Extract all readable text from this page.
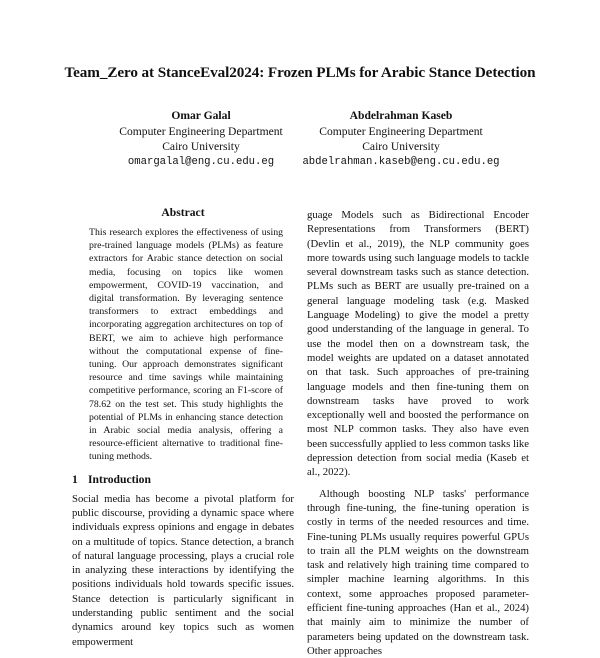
Team_Zero at StanceEval2024: Frozen PLMs for Arabic Stance Detection
Omar Galal
Computer Engineering Department
Cairo University
omargalal@eng.cu.edu.eg
Abdelrahman Kaseb
Computer Engineering Department
Cairo University
abdelrahman.kaseb@eng.cu.edu.eg
Abstract

This research explores the effectiveness of using pre-trained language models (PLMs) as feature extractors for Arabic stance detection on social media, focusing on topics like women empowerment, COVID-19 vaccination, and digital transformation. By leveraging sentence transformers to extract embeddings and incorporating aggregation architectures on top of BERT, we aim to achieve high performance without the computational expense of fine-tuning. Our approach demonstrates significant resource and time savings while maintaining competitive performance, scoring an F1-score of 78.62 on the test set. This study highlights the potential of PLMs in enhancing stance detection in Arabic social media analysis, offering a resource-efficient alternative to traditional fine-tuning methods.

1 Introduction

Social media has become a pivotal platform for public discourse, providing a dynamic space where individuals express opinions and engage in debates on a multitude of topics. Stance detection, a branch of natural language processing, plays a crucial role in analyzing these interactions by identifying the positions individuals hold towards specific issues. Stance detection is particularly significant in understanding public sentiment and the social dynamics around key topics such as women empowerment

guage Models such as Bidirectional Encoder Representations from Transformers (BERT) (Devlin et al., 2019), the NLP community goes more towards using such language models to tackle several downstream tasks such as stance detection. PLMs such as BERT are usually pre-trained on a general language modeling task (e.g. Masked Language Modeling) to give the model a pretty good understanding of the language in general. To use the model then on a downstream task, the model weights are updated on a dataset annotated on that task. Such approaches of pre-training language models and then fine-tuning them on downstream tasks have proved to work exceptionally well and boosted the performance on most NLP common tasks. They also have even been successfully applied to less common tasks like depression detection from social media (Kaseb et al., 2022).

Although boosting NLP tasks' performance through fine-tuning, the fine-tuning operation is costly in terms of the needed resources and time. Fine-tuning PLMs usually requires powerful GPUs to train all the PLM weights on the downstream task and relatively high training time compared to simpler machine learning algorithms. In this context, some approaches proposed parameter-efficient fine-tuning approaches (Han et al., 2024) that mainly aim to minimize the number of parameters being updated on the downstream task. Other approaches
